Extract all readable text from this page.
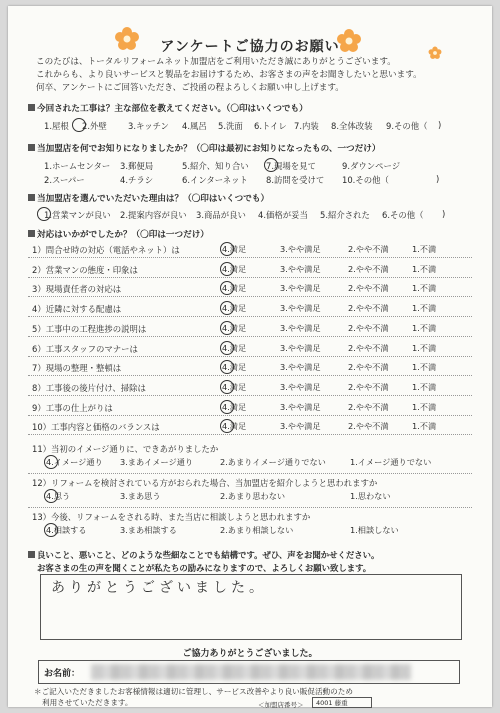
アンケートご協力のお願い
このたびは、トータルリフォームネット加盟店をご利用いただき誠にありがとうございます。
これからも、より良いサービスと製品をお届けするため、お客さまの声をお聞きしたいと思います。
何卒、アンケートにご回答いただき、ご投函の程よろしくお願い申し上げます。
今回された工事は？主な部位を教えてください。（〇印はいくつでも）
1.屋根 2.外壁	3.キッチン 4.風呂 5.洗面 6.トイレ 7.内装 8.全体改装 9.その他（ )
当加盟店を何でお知りになりましたか？（〇印は最初にお知りになったもの、一つだけ）
1.ホームセンター 3.郵便局	5.紹介、知り合い 7.現場を見て	9.ダウンページ
2.スーパー	4.チラシ	6.インターネット 8.訪問を受けて 10.その他（	)
当加盟店を選んでいただいた理由は？（〇印はいくつでも）
1.営業マンが良い 2.提案内容が良い 3.商品が良い 4.価格が妥当 5.紹介された 6.その他（ )
対応はいかがでしたか？（〇印は一つだけ）
1）問合せ時の対応（電話やネット）は	4.満足	3.やや満足	2.やや不満	1.不満
2）営業マンの態度・印象は	4.満足	3.やや満足	2.やや不満	1.不満
3）現場責任者の対応は	4.満足	3.やや満足	2.やや不満	1.不満
4）近隣に対する配慮は	4.満足	3.やや満足	2.やや不満	1.不満
5）工事中の工程進捗の説明は	4.満足	3.やや満足	2.やや不満	1.不満
6）工事スタッフのマナーは	4.満足	3.やや満足	2.やや不満	1.不満
7）現場の整理・整頓は	4.満足	3.やや満足	2.やや不満	1.不満
8）工事後の後片付け、掃除は	4.満足	3.やや満足	2.やや不満	1.不満
9）工事の仕上がりは	4.満足	3.やや満足	2.やや不満	1.不満
10）工事内容と価格のバランスは	4.満足	3.やや満足	2.やや不満	1.不満
11）当初のイメージ通りに、できあがりましたか
4.イメージ通り 3.まあイメージ通り	2.あまりイメージ通りでない	1.イメージ通りでない
12）リフォームを検討されている方がおられた場合、当加盟店を紹介しようと思われますか
4.思う	3.まあ思う	2.あまり思わない	1.思わない
13）今後、リフォームをされる時、また当店に相談しようと思われますか
4.相談する	3.まあ相談する	2.あまり相談しない	1.相談しない
良いこと、悪いこと、どのような些細なことでも結構です。ぜひ、声をお聞かせください。
お客さまの生の声を聞くことが私たちの励みになりますので、よろしくお願い致します。
ありがとうございました。
ご協力ありがとうございました。
お名前：
＊ご記入いただきましたお客様情報は適切に管理し、サービス改善やより良い販促活動のため
利用させていただきます。	＜加盟店番号＞	4001 藤重
